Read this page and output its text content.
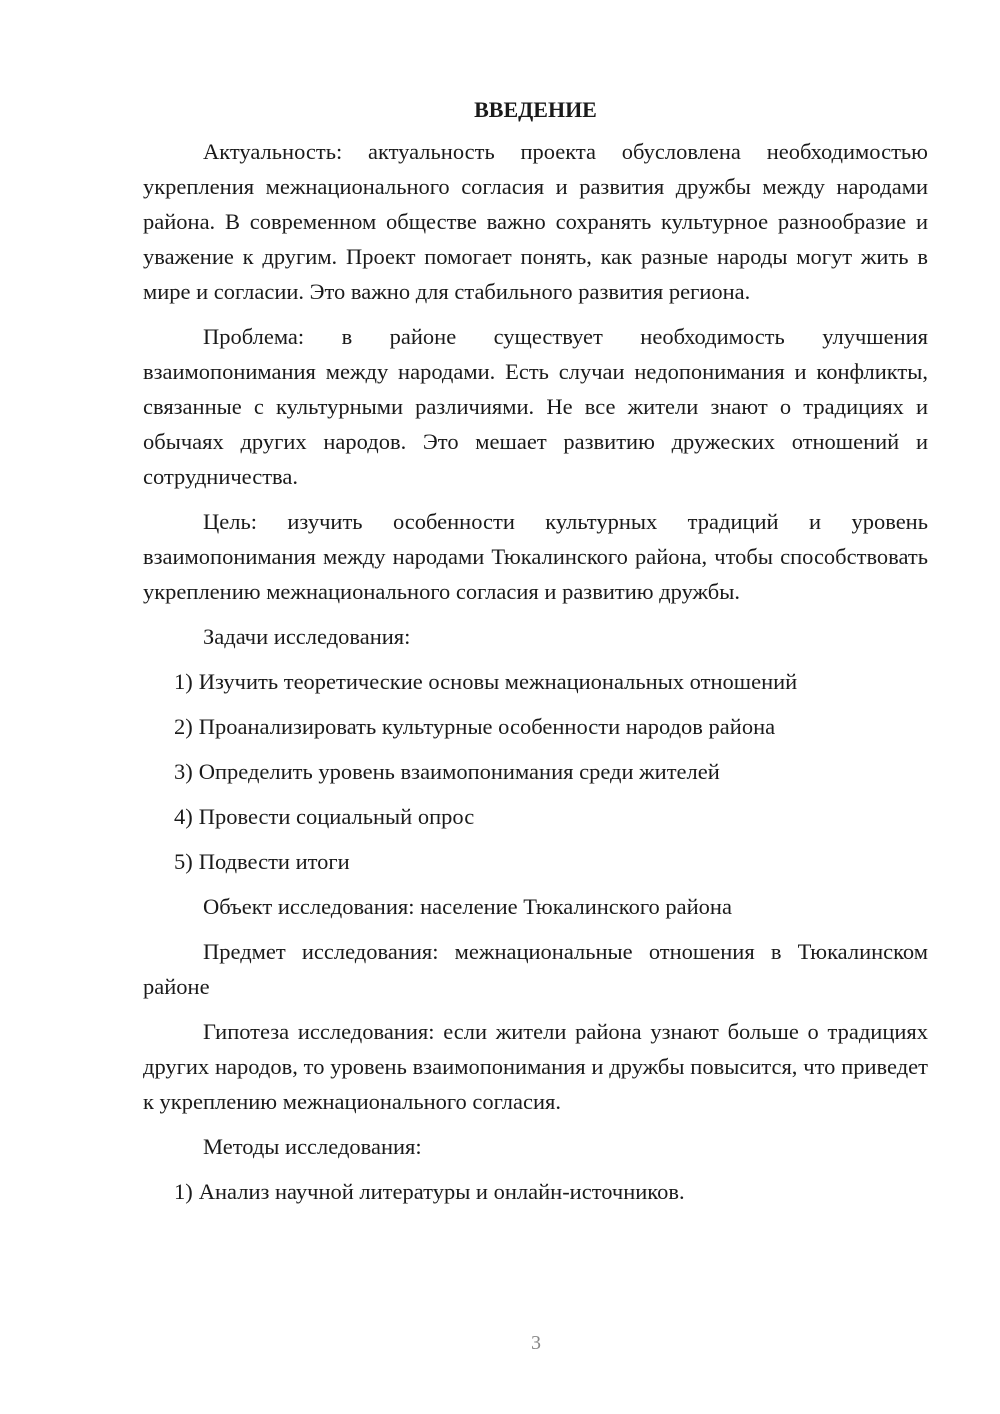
ВВЕДЕНИЕ

Актуальность: актуальность проекта обусловлена необходимостью укрепления межнационального согласия и развития дружбы между народами района. В современном обществе важно сохранять культурное разнообразие и уважение к другим. Проект помогает понять, как разные народы могут жить в мире и согласии. Это важно для стабильного развития региона.

Проблема: в районе существует необходимость улучшения взаимопонимания между народами. Есть случаи недопонимания и конфликты, связанные с культурными различиями. Не все жители знают о традициях и обычаях других народов. Это мешает развитию дружеских отношений и сотрудничества.

Цель: изучить особенности культурных традиций и уровень взаимопонимания между народами Тюкалинского района, чтобы способствовать укреплению межнационального согласия и развитию дружбы.

Задачи исследования:

1) Изучить теоретические основы межнациональных отношений
2) Проанализировать культурные особенности народов района
3) Определить уровень взаимопонимания среди жителей
4) Провести социальный опрос
5) Подвести итоги

Объект исследования: население Тюкалинского района

Предмет исследования: межнациональные отношения в Тюкалинском районе

Гипотеза исследования: если жители района узнают больше о традициях других народов, то уровень взаимопонимания и дружбы повысится, что приведет к укреплению межнационального согласия.

Методы исследования:

1) Анализ научной литературы и онлайн-источников.
3
